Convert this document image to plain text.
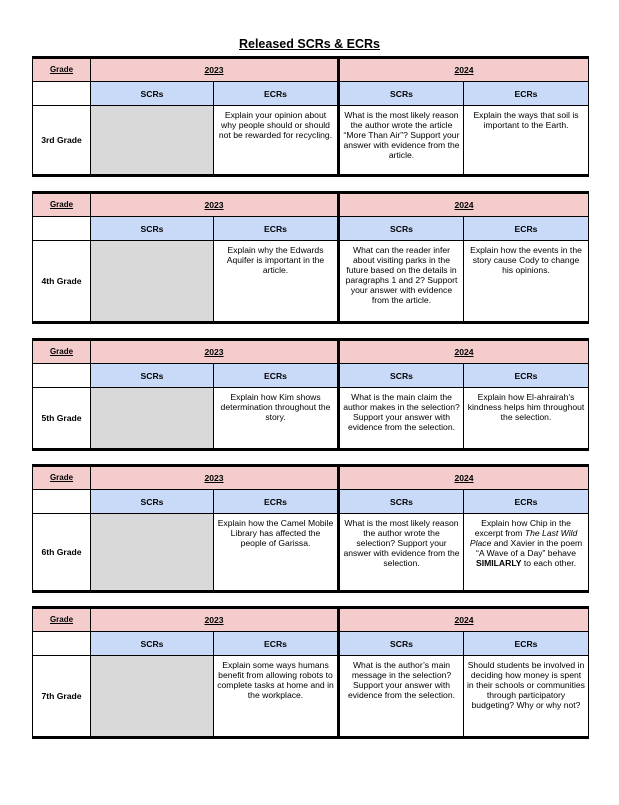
Released SCRs & ECRs
Grade	2023		2024	
	SCRs	ECRs	SCRs	ECRs
3rd Grade		Explain your opinion about why people should or should not be rewarded for recycling.	What is the most likely reason the author wrote the article “More Than Air”? Support your answer with evidence from the article.	Explain the ways that soil is important to the Earth.
Grade	2023		2024	
	SCRs	ECRs	SCRs	ECRs
4th Grade		Explain why the Edwards Aquifer is important in the article.	What can the reader infer about visiting parks in the future based on the details in paragraphs 1 and 2? Support your answer with evidence from the article.	Explain how the events in the story cause Cody to change his opinions.
Grade	2023		2024	
	SCRs	ECRs	SCRs	ECRs
5th Grade		Explain how Kim shows determination throughout the story.	What is the main claim the author makes in the selection? Support your answer with evidence from the selection.	Explain how El-ahrairah’s kindness helps him throughout the selection.
Grade	2023		2024	
	SCRs	ECRs	SCRs	ECRs
6th Grade		Explain how the Camel Mobile Library has affected the people of Garissa.	What is the most likely reason the author wrote the selection? Support your answer with evidence from the selection.	Explain how Chip in the excerpt from The Last Wild Place and Xavier in the poem “A Wave of a Day” behave SIMILARLY to each other.
Grade	2023		2024	
	SCRs	ECRs	SCRs	ECRs
7th Grade		Explain some ways humans benefit from allowing robots to complete tasks at home and in the workplace.	What is the author’s main message in the selection? Support your answer with evidence from the selection.	Should students be involved in deciding how money is spent in their schools or communities through participatory budgeting? Why or why not?
